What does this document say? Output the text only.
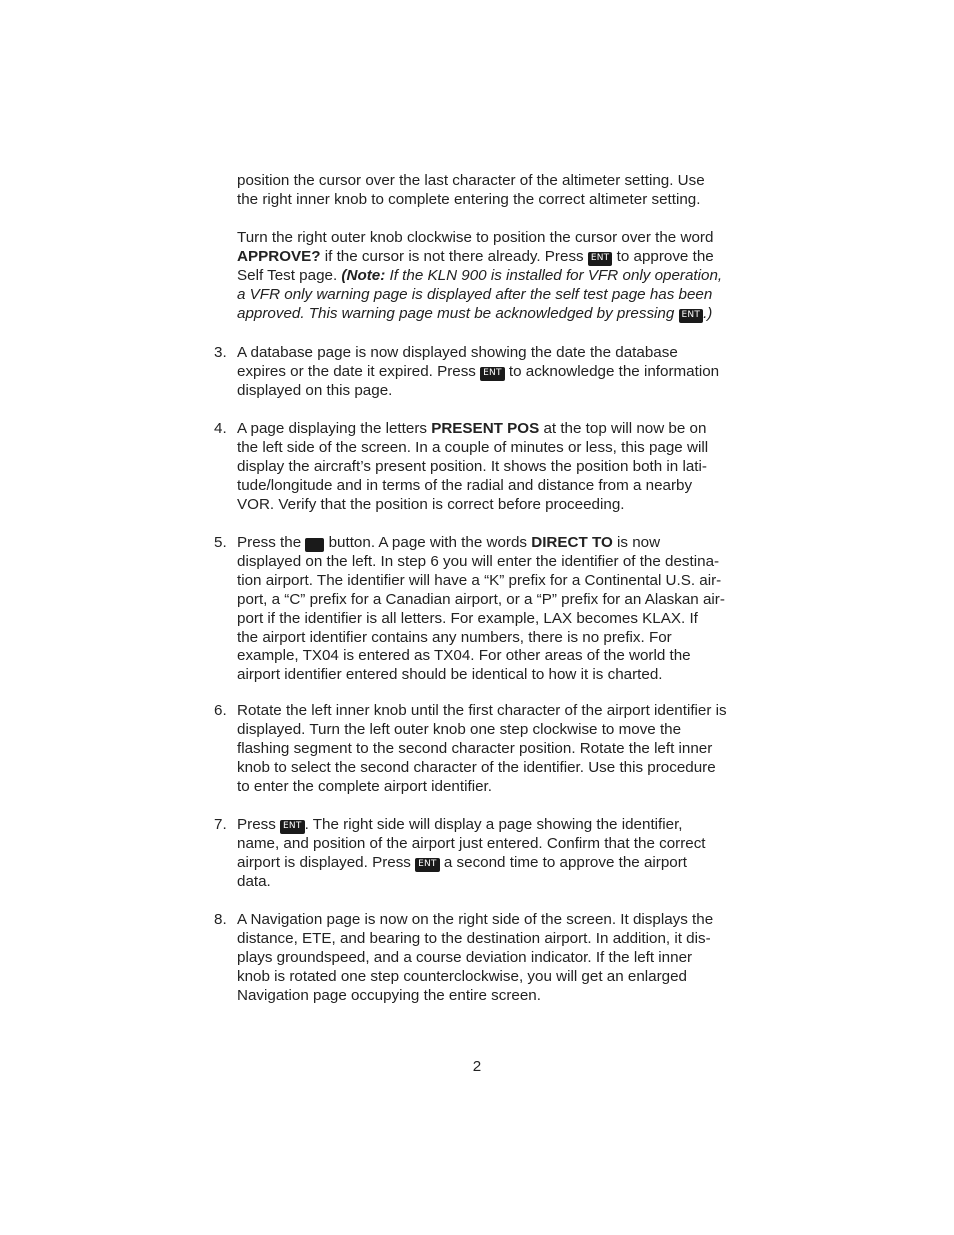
position the cursor over the last character of the altimeter setting. Use
the right inner knob to complete entering the correct altimeter setting.
Turn the right outer knob clockwise to position the cursor over the word
APPROVE? if the cursor is not there already. Press ENT to approve the
Self Test page. (Note: If the KLN 900 is installed for VFR only operation,
a VFR only warning page is displayed after the self test page has been
approved. This warning page must be acknowledged by pressing ENT .)
3. A database page is now displayed showing the date the database
expires or the date it expired. Press ENT to acknowledge the information
displayed on this page.
4. A page displaying the letters PRESENT POS at the top will now be on
the left side of the screen. In a couple of minutes or less, this page will
display the aircraft’s present position. It shows the position both in lati-
tude/longitude and in terms of the radial and distance from a nearby
VOR. Verify that the position is correct before proceeding.
5. Press the   button. A page with the words DIRECT TO is now
displayed on the left. In step 6 you will enter the identifier of the destina-
tion airport. The identifier will have a “K” prefix for a Continental U.S. air-
port, a “C” prefix for a Canadian airport, or a “P” prefix for an Alaskan air-
port if the identifier is all letters. For example, LAX becomes KLAX. If
the airport identifier contains any numbers, there is no prefix. For
example, TX04 is entered as TX04. For other areas of the world the
airport identifier entered should be identical to how it is charted.
6. Rotate the left inner knob until the first character of the airport identifier is
displayed. Turn the left outer knob one step clockwise to move the
flashing segment to the second character position. Rotate the left inner
knob to select the second character of the identifier. Use this procedure
to enter the complete airport identifier.
7. Press ENT . The right side will display a page showing the identifier,
name, and position of the airport just entered. Confirm that the correct
airport is displayed. Press ENT a second time to approve the airport
data.
8. A Navigation page is now on the right side of the screen. It displays the
distance, ETE, and bearing to the destination airport. In addition, it dis-
plays groundspeed, and a course deviation indicator. If the left inner
knob is rotated one step counterclockwise, you will get an enlarged
Navigation page occupying the entire screen.
2
